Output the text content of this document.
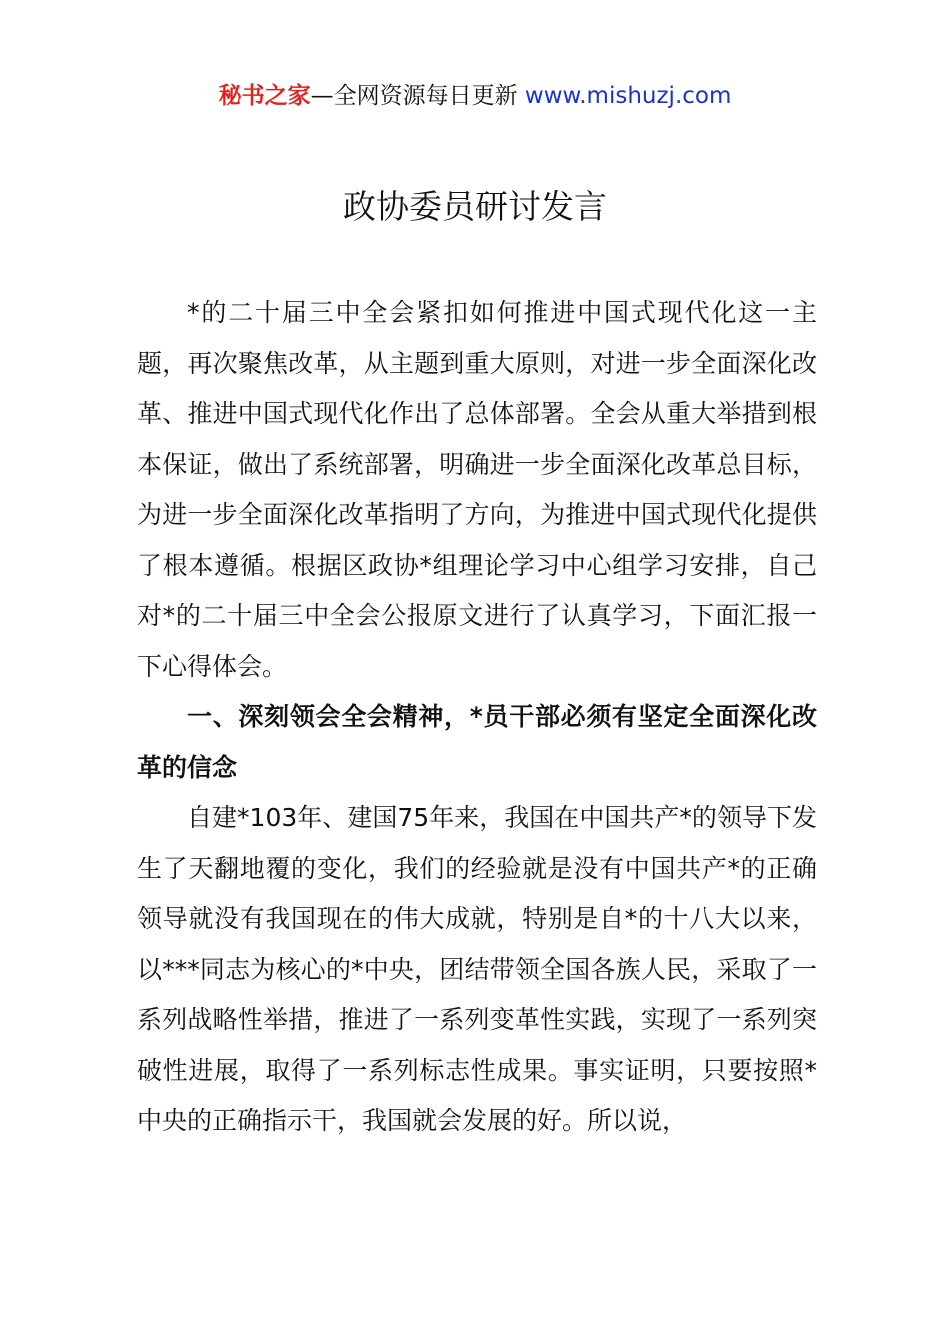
秘书之家—全网资源每日更新 www.mishuzj.com
政协委员研讨发言

*的二十届三中全会紧扣如何推进中国式现代化这一主题，再次聚焦改革，从主题到重大原则，对进一步全面深化改革、推进中国式现代化作出了总体部署。全会从重大举措到根本保证，做出了系统部署，明确进一步全面深化改革总目标，为进一步全面深化改革指明了方向，为推进中国式现代化提供了根本遵循。根据区政协*组理论学习中心组学习安排，自己对*的二十届三中全会公报原文进行了认真学习，下面汇报一下心得体会。

一、深刻领会全会精神，*员干部必须有坚定全面深化改革的信念

自建*103年、建国75年来，我国在中国共产*的领导下发生了天翻地覆的变化，我们的经验就是没有中国共产*的正确领导就没有我国现在的伟大成就，特别是自*的十八大以来，以***同志为核心的*中央，团结带领全国各族人民，采取了一系列战略性举措，推进了一系列变革性实践，实现了一系列突破性进展，取得了一系列标志性成果。事实证明，只要按照*中央的正确指示干，我国就会发展的好。所以说，
